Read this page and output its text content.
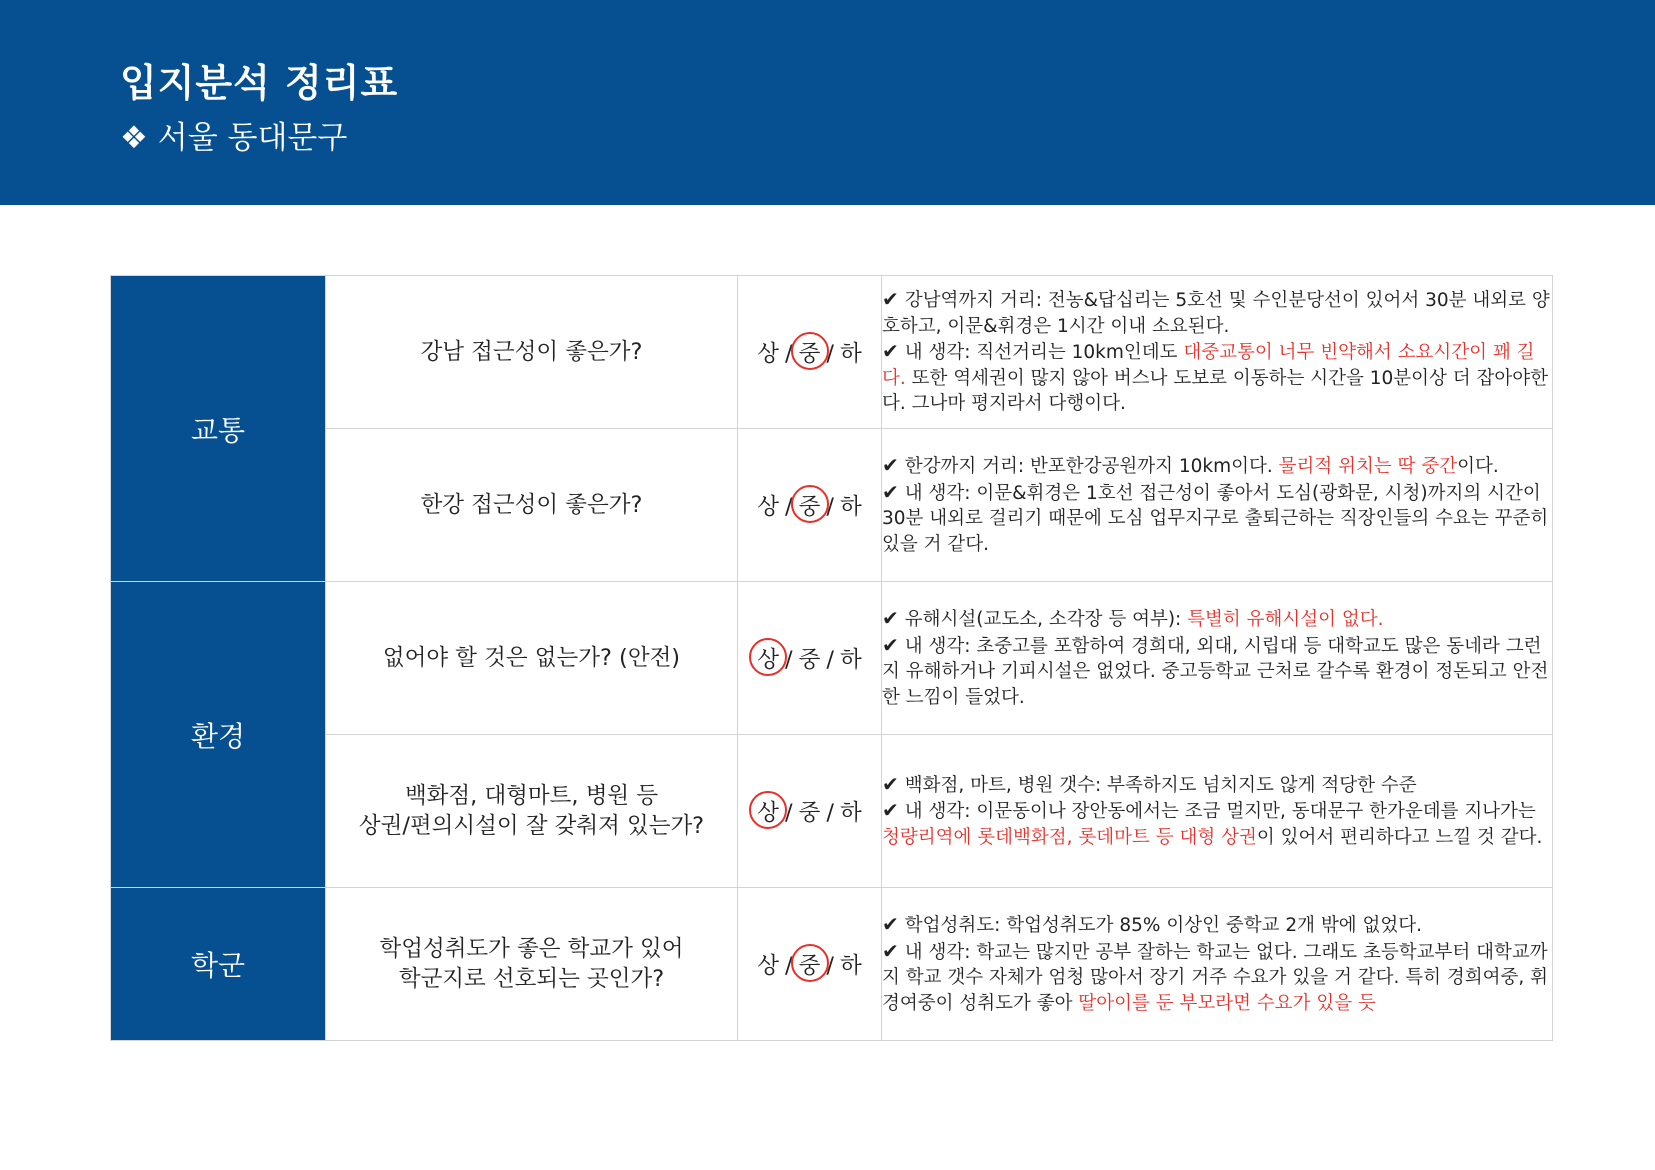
입지분석 정리표
❖ 서울 동대문구
교통	강남 접근성이 좋은가?	상 / 중 / 하	✔ 강남역까지 거리: 전농&답십리는 5호선 및 수인분당선이 있어서 30분 내외로 양호하고, 이문&휘경은 1시간 이내 소요된다.
✔ 내 생각: 직선거리는 10km인데도 대중교통이 너무 빈약해서 소요시간이 꽤 길다. 또한 역세권이 많지 않아 버스나 도보로 이동하는 시간을 10분이상 더 잡아야한다. 그나마 평지라서 다행이다.

	한강 접근성이 좋은가?	상 / 중 / 하	✔ 한강까지 거리: 반포한강공원까지 10km이다. 물리적 위치는 딱 중간이다.
✔ 내 생각: 이문&휘경은 1호선 접근성이 좋아서 도심(광화문, 시청)까지의 시간이 30분 내외로 걸리기 때문에 도심 업무지구로 출퇴근하는 직장인들의 수요는 꾸준히 있을 거 같다.

환경	없어야 할 것은 없는가? (안전)	상 / 중 / 하	✔ 유해시설(교도소, 소각장 등 여부): 특별히 유해시설이 없다.
✔ 내 생각: 초중고를 포함하여 경희대, 외대, 시립대 등 대학교도 많은 동네라 그런지 유해하거나 기피시설은 없었다. 중고등학교 근처로 갈수록 환경이 정돈되고 안전한 느낌이 들었다.

	백화점, 대형마트, 병원 등
상권/편의시설이 잘 갖춰져 있는가?	상 / 중 / 하	✔ 백화점, 마트, 병원 갯수: 부족하지도 넘치지도 않게 적당한 수준
✔ 내 생각: 이문동이나 장안동에서는 조금 멀지만, 동대문구 한가운데를 지나가는 청량리역에 롯데백화점, 롯데마트 등 대형 상권이 있어서 편리하다고 느낄 것 같다.

학군	학업성취도가 좋은 학교가 있어
학군지로 선호되는 곳인가?	상 / 중 / 하	✔ 학업성취도: 학업성취도가 85% 이상인 중학교 2개 밖에 없었다.
✔ 내 생각: 학교는 많지만 공부 잘하는 학교는 없다. 그래도 초등학교부터 대학교까지 학교 갯수 자체가 엄청 많아서 장기 거주 수요가 있을 거 같다. 특히 경희여중, 휘경여중이 성취도가 좋아 딸아이를 둔 부모라면 수요가 있을 듯
